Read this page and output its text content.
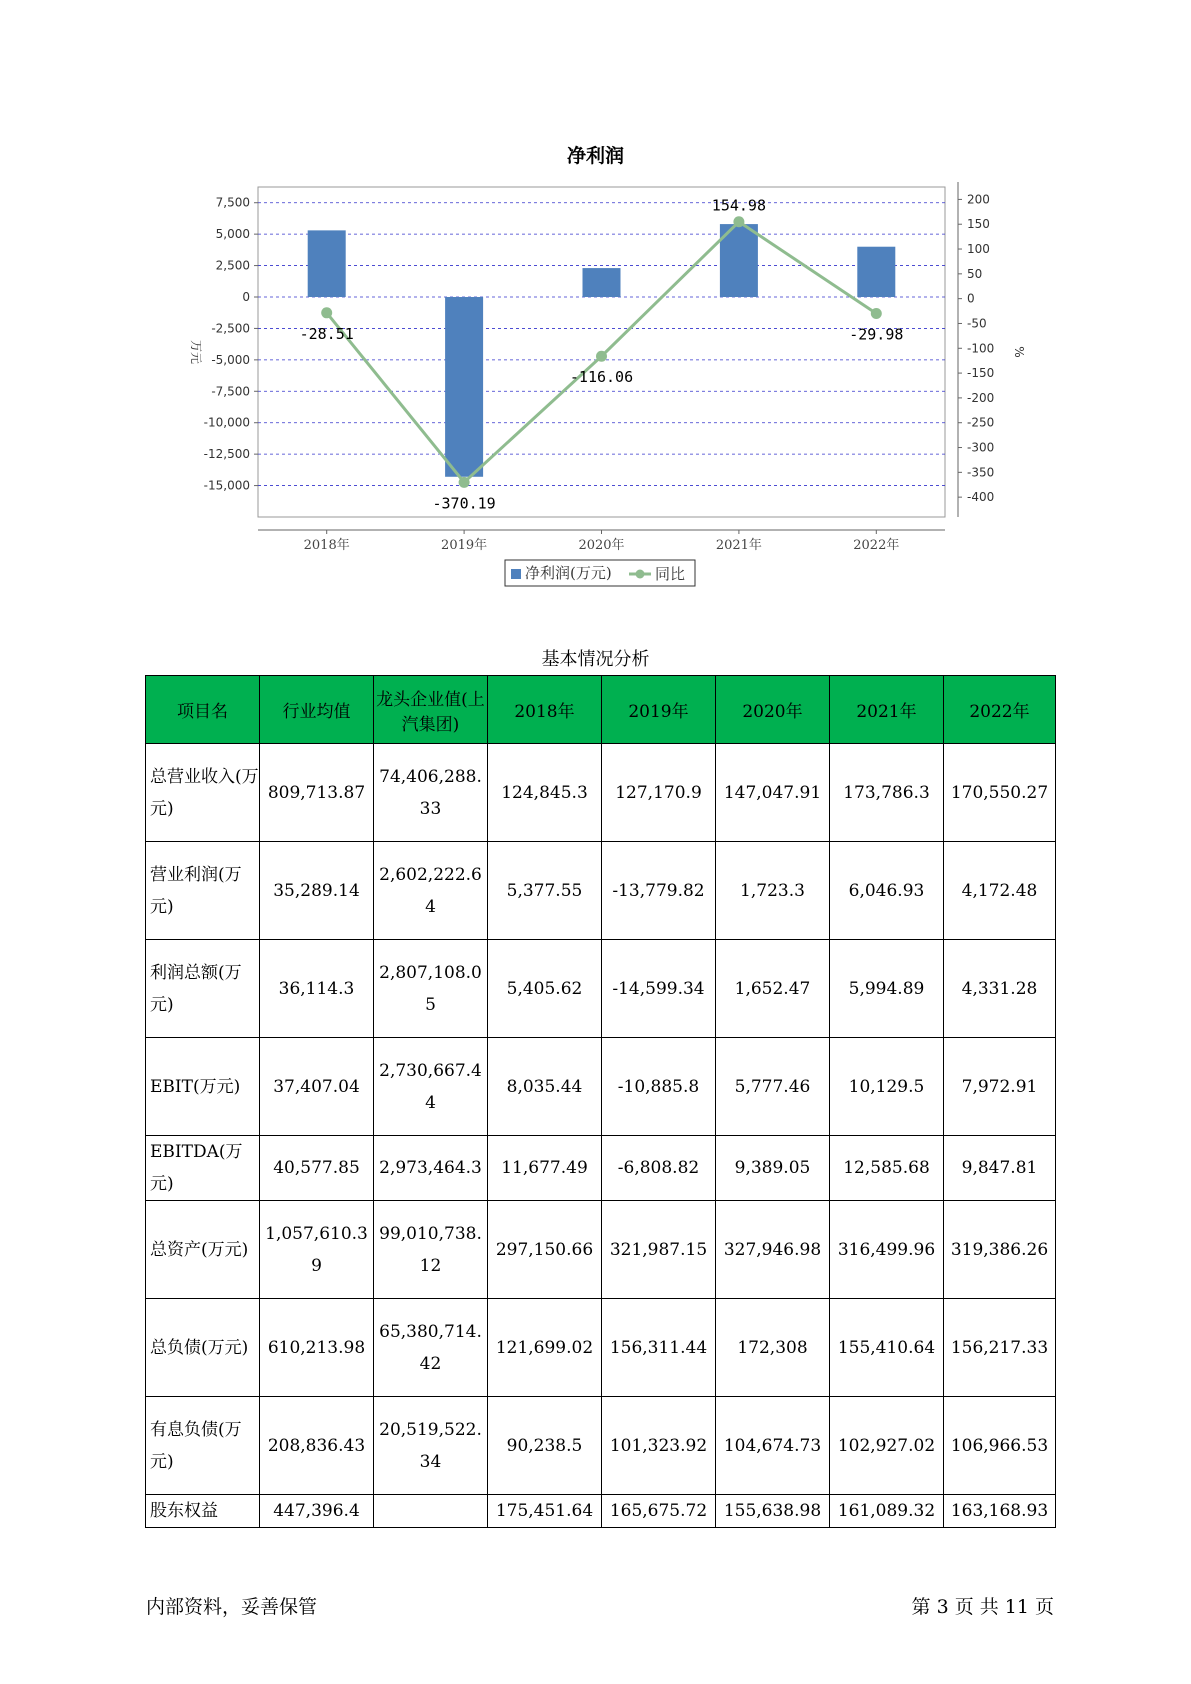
净利润
7,500
5,000
2,500
0
-2,500
-5,000
-7,500
-10,000
-12,500
-15,000
200
150
100
50
0
-50
-100
-150
-200
-250
-300
-350
-400
万元	%
2018年	2019年	2020年	2021年	2022年
-28.51
-370.19
-116.06
154.98
-29.98
净利润(万元)	同比
基本情况分析
项目名	行业均值	龙头企业值(上汽集团)	2018年	2019年	2020年	2021年	2022年

总营业收入(万元)	809,713.87	74,406,288.33	124,845.3	127,170.9	147,047.91	173,786.3	170,550.27

营业利润(万元)	35,289.14	2,602,222.64	5,377.55	-13,779.82	1,723.3	6,046.93	4,172.48

利润总额(万元)	36,114.3	2,807,108.05	5,405.62	-14,599.34	1,652.47	5,994.89	4,331.28

EBIT(万元)	37,407.04	2,730,667.44	8,035.44	-10,885.8	5,777.46	10,129.5	7,972.91

EBITDA(万元)	40,577.85	2,973,464.3	11,677.49	-6,808.82	9,389.05	12,585.68	9,847.81

总资产(万元)	1,057,610.39	99,010,738.12	297,150.66	321,987.15	327,946.98	316,499.96	319,386.26

总负债(万元)	610,213.98	65,380,714.42	121,699.02	156,311.44	172,308	155,410.64	156,217.33

有息负债(万元)	208,836.43	20,519,522.34	90,238.5	101,323.92	104,674.73	102,927.02	106,966.53

股东权益	447,396.4		175,451.64	165,675.72	155,638.98	161,089.32	163,168.93
内部资料，妥善保管	第 3 页 共 11 页
